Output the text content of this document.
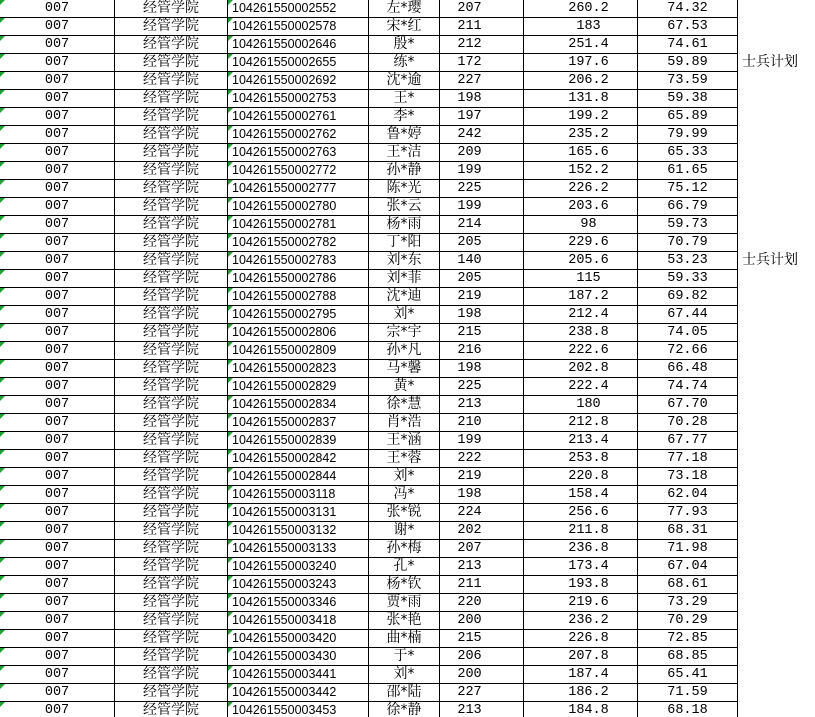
007	经管学院	104261550002552	左*璎	207	260.2	74.32
007	经管学院	104261550002578	宋*红	211	183	67.53
007	经管学院	104261550002646	殷*	212	251.4	74.61
007	经管学院	104261550002655	练*	172	197.6	59.89	士兵计划
007	经管学院	104261550002692	沈*逾	227	206.2	73.59
007	经管学院	104261550002753	王*	198	131.8	59.38
007	经管学院	104261550002761	李*	197	199.2	65.89
007	经管学院	104261550002762	鲁*婷	242	235.2	79.99
007	经管学院	104261550002763	王*洁	209	165.6	65.33
007	经管学院	104261550002772	孙*静	199	152.2	61.65
007	经管学院	104261550002777	陈*光	225	226.2	75.12
007	经管学院	104261550002780	张*云	199	203.6	66.79
007	经管学院	104261550002781	杨*雨	214	98	59.73
007	经管学院	104261550002782	丁*阳	205	229.6	70.79
007	经管学院	104261550002783	刘*东	140	205.6	53.23	士兵计划
007	经管学院	104261550002786	刘*菲	205	115	59.33
007	经管学院	104261550002788	沈*迪	219	187.2	69.82
007	经管学院	104261550002795	刘*	198	212.4	67.44
007	经管学院	104261550002806	宗*宇	215	238.8	74.05
007	经管学院	104261550002809	孙*凡	216	222.6	72.66
007	经管学院	104261550002823	马*馨	198	202.8	66.48
007	经管学院	104261550002829	黄*	225	222.4	74.74
007	经管学院	104261550002834	徐*慧	213	180	67.70
007	经管学院	104261550002837	肖*浩	210	212.8	70.28
007	经管学院	104261550002839	王*涵	199	213.4	67.77
007	经管学院	104261550002842	王*蓉	222	253.8	77.18
007	经管学院	104261550002844	刘*	219	220.8	73.18
007	经管学院	104261550003118	冯*	198	158.4	62.04
007	经管学院	104261550003131	张*锐	224	256.6	77.93
007	经管学院	104261550003132	谢*	202	211.8	68.31
007	经管学院	104261550003133	孙*梅	207	236.8	71.98
007	经管学院	104261550003240	孔*	213	173.4	67.04
007	经管学院	104261550003243	杨*钦	211	193.8	68.61
007	经管学院	104261550003346	贾*雨	220	219.6	73.29
007	经管学院	104261550003418	张*艳	200	236.2	70.29
007	经管学院	104261550003420	曲*楠	215	226.8	72.85
007	经管学院	104261550003430	于*	206	207.8	68.85
007	经管学院	104261550003441	刘*	200	187.4	65.41
007	经管学院	104261550003442	邵*陆	227	186.2	71.59
007	经管学院	104261550003453	徐*静	213	184.8	68.18
